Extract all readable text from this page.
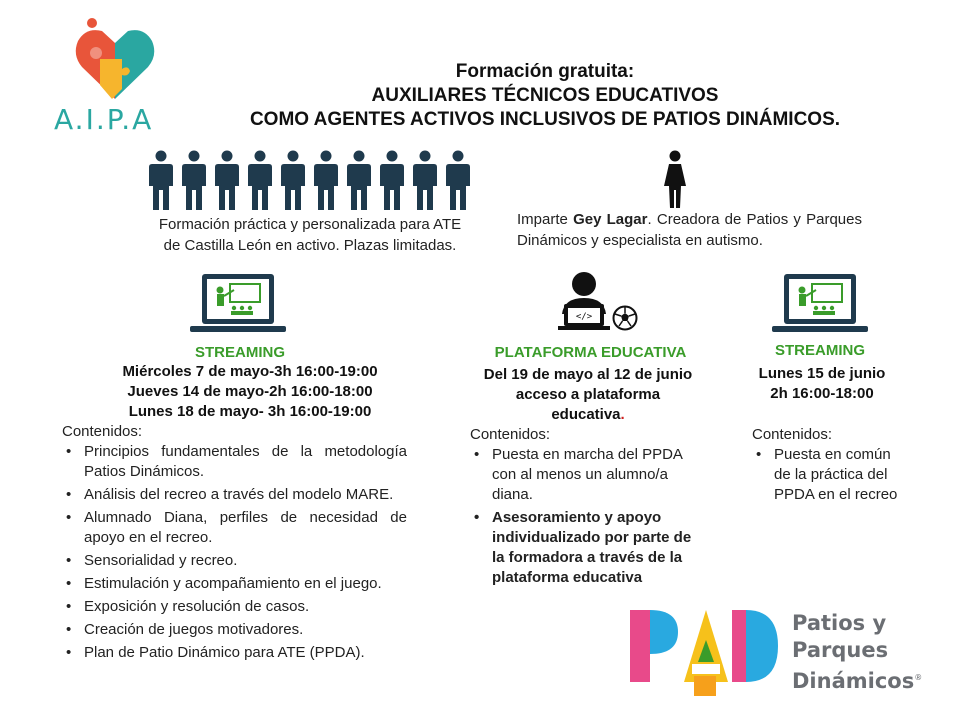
A.I.P.A
Formación gratuita:
AUXILIARES TÉCNICOS EDUCATIVOS
COMO AGENTES ACTIVOS INCLUSIVOS DE PATIOS DINÁMICOS.
Formación práctica y personalizada para ATE
de Castilla León en activo. Plazas limitadas.
Imparte Gey Lagar. Creadora de Patios y Parques Dinámicos y especialista en autismo.
</>
STREAMING
Miércoles 7 de mayo-3h 16:00-19:00
Jueves 14 de mayo-2h 16:00-18:00
Lunes 18 de mayo- 3h 16:00-19:00
PLATAFORMA EDUCATIVA
Del 19 de mayo al 12 de junio
acceso a plataforma
educativa.
STREAMING
Lunes 15 de junio
2h 16:00-18:00
Contenidos:
• Principios fundamentales de la metodología Patios Dinámicos.
• Análisis del recreo a través del modelo MARE.
• Alumnado Diana, perfiles de necesidad de apoyo en el recreo.
• Sensorialidad y recreo.
• Estimulación y acompañamiento en el juego.
• Exposición y resolución de casos.
• Creación de juegos motivadores.
• Plan de Patio Dinámico para ATE (PPDA).
Contenidos:
• Puesta en marcha del PPDA con al menos un alumno/a diana.
• Asesoramiento y apoyo individualizado por parte de la formadora a través de la plataforma educativa
Contenidos:
• Puesta en común de la práctica del PPDA en el recreo
Patios y
Parques
Dinámicos®
